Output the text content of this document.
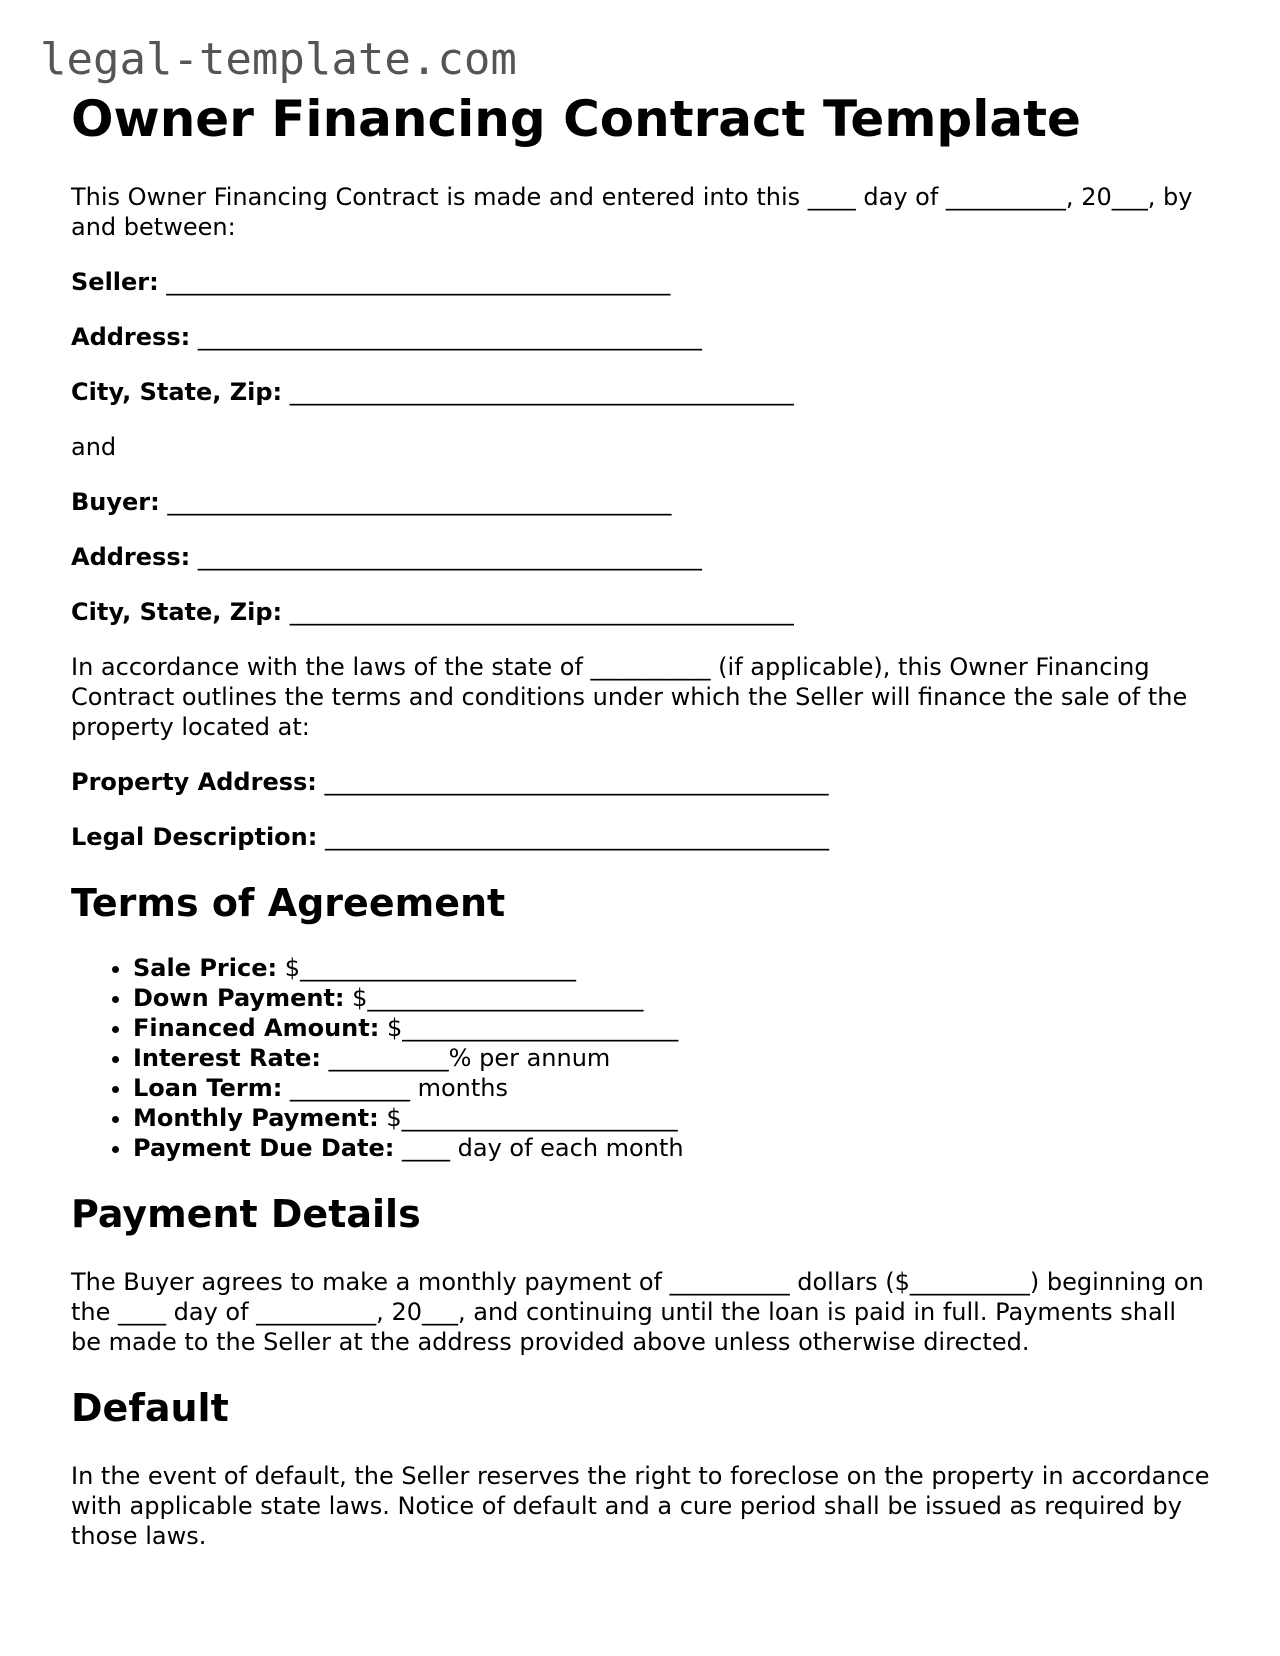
legal-template.com
Owner Financing Contract Template

This Owner Financing Contract is made and entered into this ____ day of __________, 20___, by and between:

Seller: __________________________________________

Address: __________________________________________

City, State, Zip: __________________________________________

and

Buyer: __________________________________________

Address: __________________________________________

City, State, Zip: __________________________________________

In accordance with the laws of the state of __________ (if applicable), this Owner Financing Contract outlines the terms and conditions under which the Seller will finance the sale of the property located at:

Property Address: __________________________________________

Legal Description: __________________________________________

Terms of Agreement
• Sale Price: $_______________________
• Down Payment: $_______________________
• Financed Amount: $_______________________
• Interest Rate: __________% per annum
• Loan Term: __________ months
• Monthly Payment: $_______________________
• Payment Due Date: ____ day of each month
Payment Details

The Buyer agrees to make a monthly payment of __________ dollars ($__________) beginning on the ____ day of __________, 20___, and continuing until the loan is paid in full. Payments shall be made to the Seller at the address provided above unless otherwise directed.

Default

In the event of default, the Seller reserves the right to foreclose on the property in accordance with applicable state laws. Notice of default and a cure period shall be issued as required by those laws.
